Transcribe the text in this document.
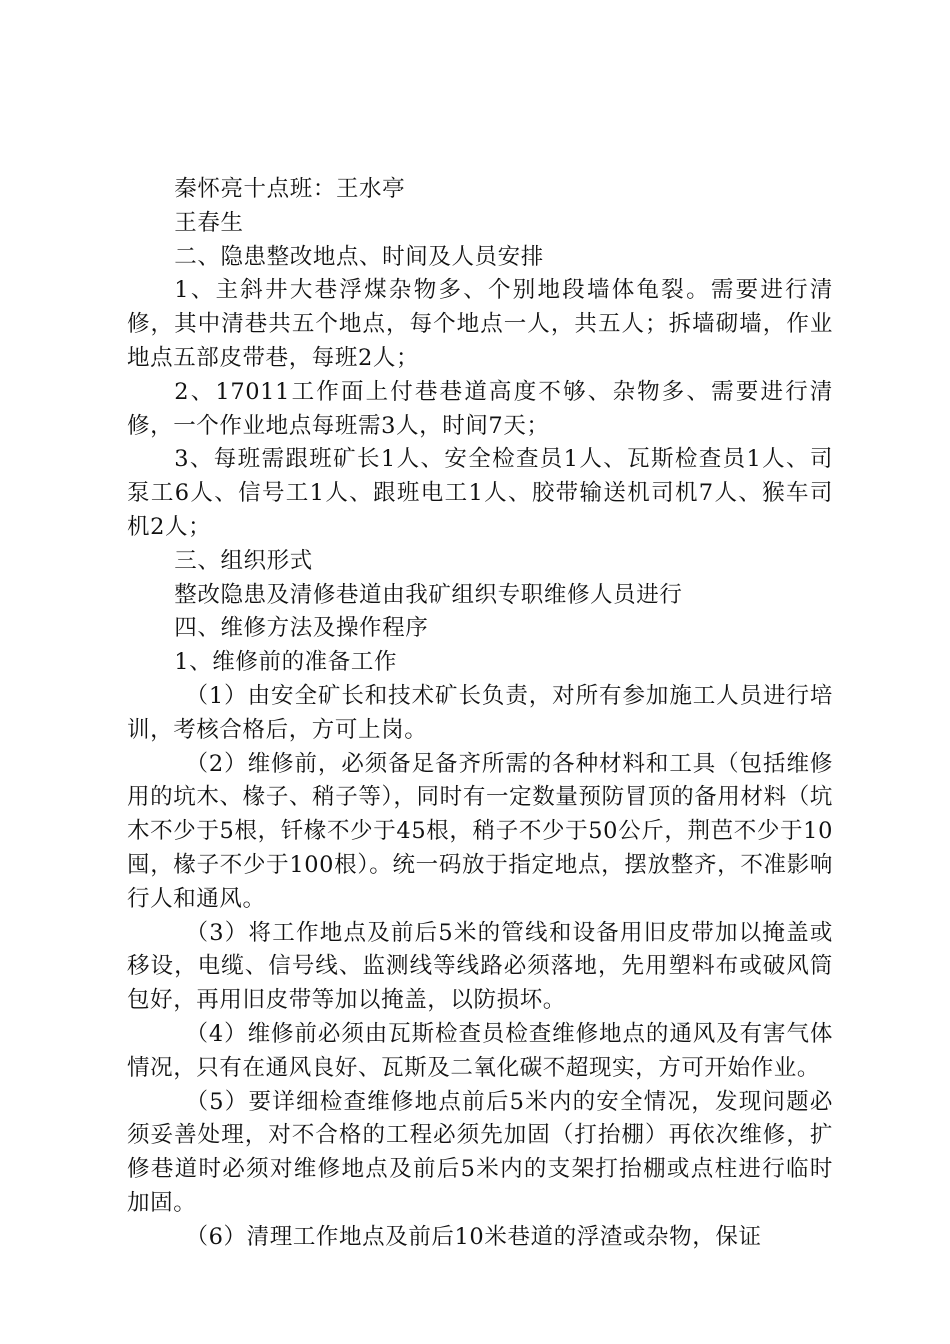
秦怀亮十点班：王水亭

王春生

二、隐患整改地点、时间及人员安排

1、主斜井大巷浮煤杂物多、个别地段墙体龟裂。需要进行清修，其中清巷共五个地点，每个地点一人，共五人；拆墙砌墙，作业地点五部皮带巷，每班2人；

2、17011工作面上付巷巷道高度不够、杂物多、需要进行清修，一个作业地点每班需3人，时间7天；

3、每班需跟班矿长1人、安全检查员1人、瓦斯检查员1人、司泵工6人、信号工1人、跟班电工1人、胶带输送机司机7人、猴车司机2人；

三、组织形式

整改隐患及清修巷道由我矿组织专职维修人员进行

四、维修方法及操作程序

1、维修前的准备工作

（1）由安全矿长和技术矿长负责，对所有参加施工人员进行培训，考核合格后，方可上岗。

（2）维修前，必须备足备齐所需的各种材料和工具（包括维修用的坑木、椽子、稍子等），同时有一定数量预防冒顶的备用材料（坑木不少于5根，钎椽不少于45根，稍子不少于50公斤，荆芭不少于10囤，椽子不少于100根）。统一码放于指定地点，摆放整齐，不准影响行人和通风。

（3）将工作地点及前后5米的管线和设备用旧皮带加以掩盖或移设，电缆、信号线、监测线等线路必须落地，先用塑料布或破风筒包好，再用旧皮带等加以掩盖，以防损坏。

（4）维修前必须由瓦斯检查员检查维修地点的通风及有害气体情况，只有在通风良好、瓦斯及二氧化碳不超现实，方可开始作业。

（5）要详细检查维修地点前后5米内的安全情况，发现问题必须妥善处理，对不合格的工程必须先加固（打抬棚）再依次维修，扩修巷道时必须对维修地点及前后5米内的支架打抬棚或点柱进行临时加固。

（6）清理工作地点及前后10米巷道的浮渣或杂物，保证
